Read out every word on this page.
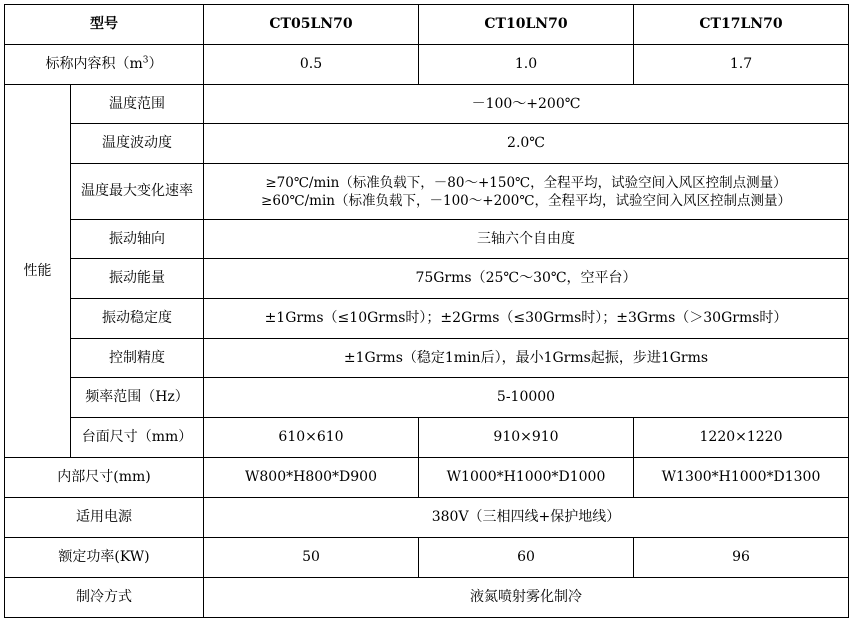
型号		CT05LN70	CT10LN70	CT17LN70
标称内容积$(m^3)$		0.5	1.0	1.7
性能	温度范围	－100～+200℃		
	温度波动度	2.0℃		
	温度最大变化速率	≥70℃/min（标准负载下，－80～+150℃，全程平均，试验空间入风区控制点测量）
≥60℃/min（标准负载下，－100～+200℃，全程平均，试验空间入风区控制点测量）		

	振动轴向	三轴六个自由度		
	振动能量	75Grms（25℃～30℃，空平台）		
	振动稳定度	±1Grms（≤10Grms时）；±2Grms（≤30Grms时）；±3Grms（＞30Grms时）		
	控制精度	±1Grms（稳定1min后），最小1Grms起振，步进1Grms		
	频率范围（Hz）	5-10000		
	台面尺寸（mm）	610×610	910×910	1220×1220
内部尺寸(mm)		W800*H800*D900	W1000*H1000*D1000	W1300*H1000*D1300
适用电源		380V（三相四线+保护地线）		
额定功率(KW)		50	60	96
制冷方式		液氮喷射雾化制冷		
